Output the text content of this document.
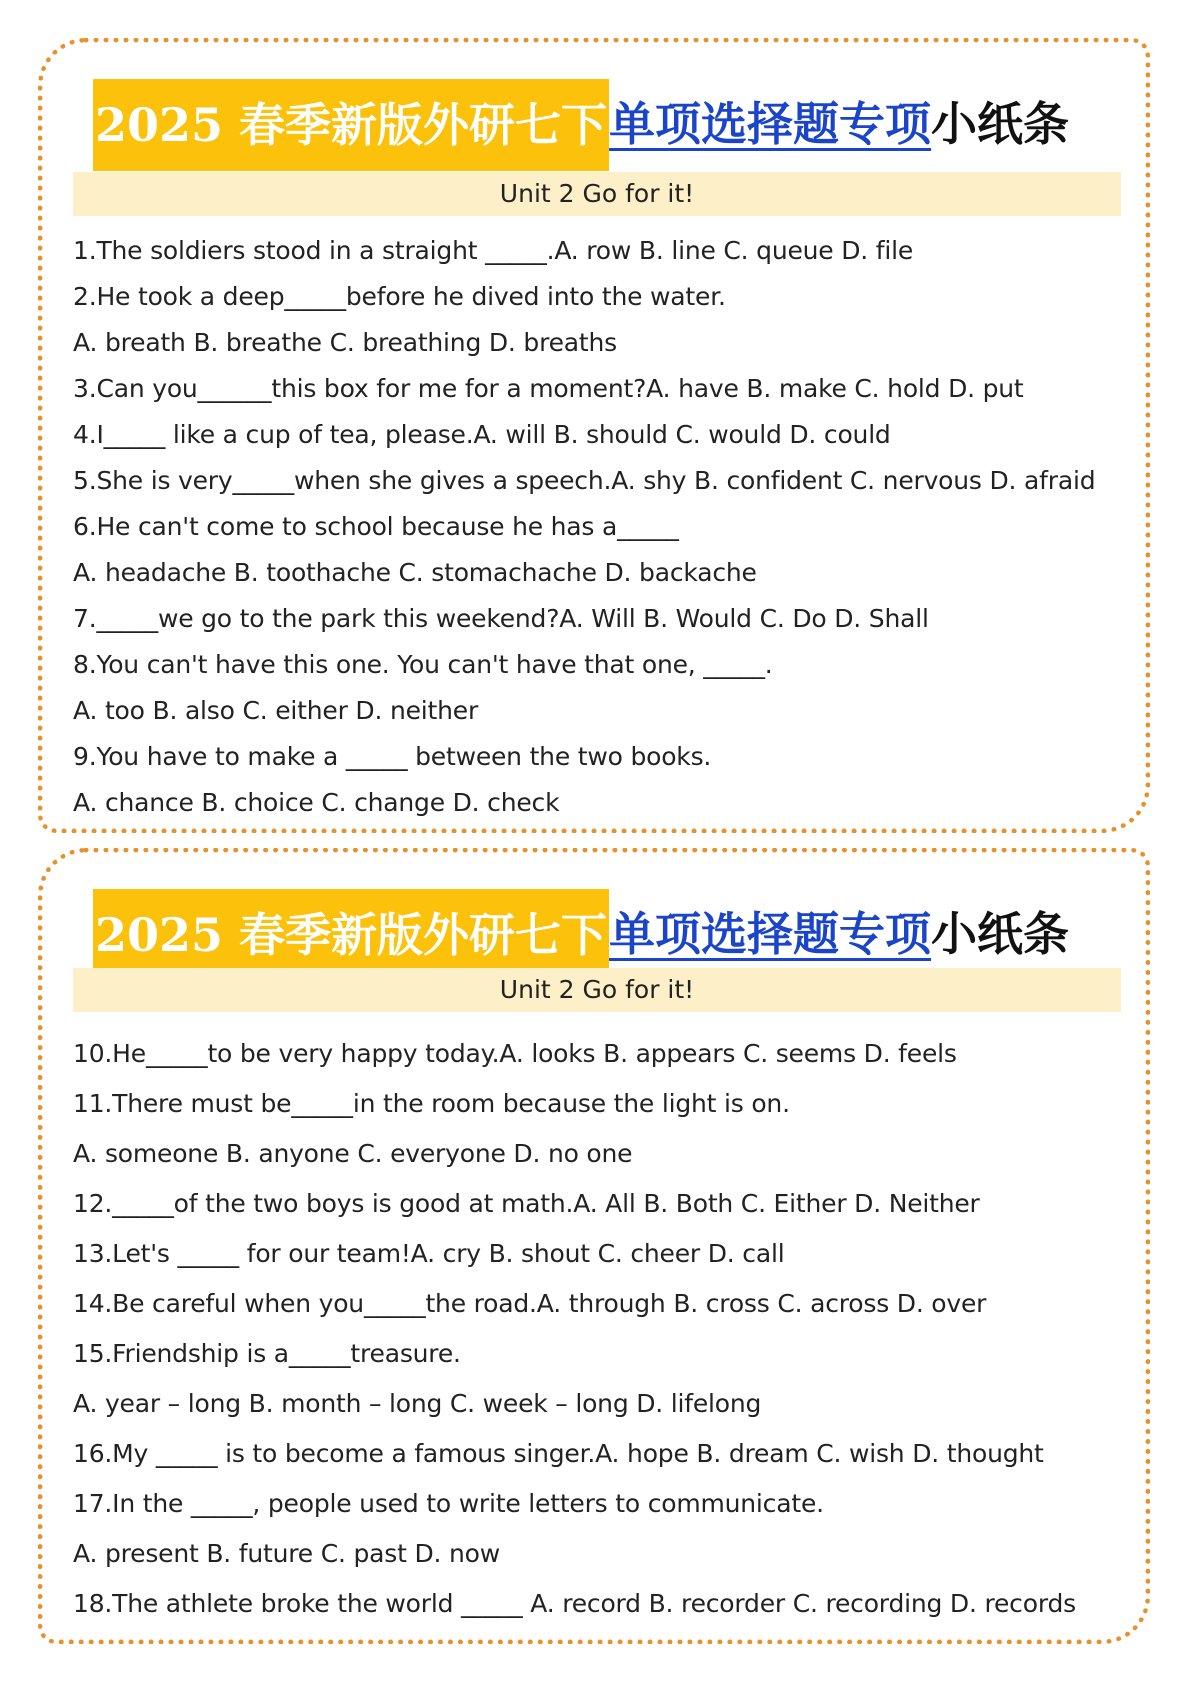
2025 春季新版外研七下单项选择题专项小纸条
Unit 2 Go for it!
1.The soldiers stood in a straight _____.A. row B. line C. queue D. file
2.He took a deep_____before he dived into the water.
A. breath B. breathe C. breathing D. breaths
3.Can you______this box for me for a moment?A. have B. make C. hold D. put
4.I_____ like a cup of tea, please.A. will B. should C. would D. could
5.She is very_____when she gives a speech.A. shy B. confident C. nervous D. afraid
6.He can't come to school because he has a_____
A. headache B. toothache C. stomachache D. backache
7._____we go to the park this weekend?A. Will B. Would C. Do D. Shall
8.You can't have this one. You can't have that one, _____.
A. too B. also C. either D. neither
9.You have to make a _____ between the two books.
A. chance B. choice C. change D. check
2025 春季新版外研七下单项选择题专项小纸条
Unit 2 Go for it!
10.He_____to be very happy today.A. looks B. appears C. seems D. feels
11.There must be_____in the room because the light is on.
A. someone B. anyone C. everyone D. no one
12._____of the two boys is good at math.A. All B. Both C. Either D. Neither
13.Let's _____ for our team!A. cry B. shout C. cheer D. call
14.Be careful when you_____the road.A. through B. cross C. across D. over
15.Friendship is a_____treasure.
A. year – long B. month – long C. week – long D. lifelong
16.My _____ is to become a famous singer.A. hope B. dream C. wish D. thought
17.In the _____, people used to write letters to communicate.
A. present B. future C. past D. now
18.The athlete broke the world _____ A. record B. recorder C. recording D. records
